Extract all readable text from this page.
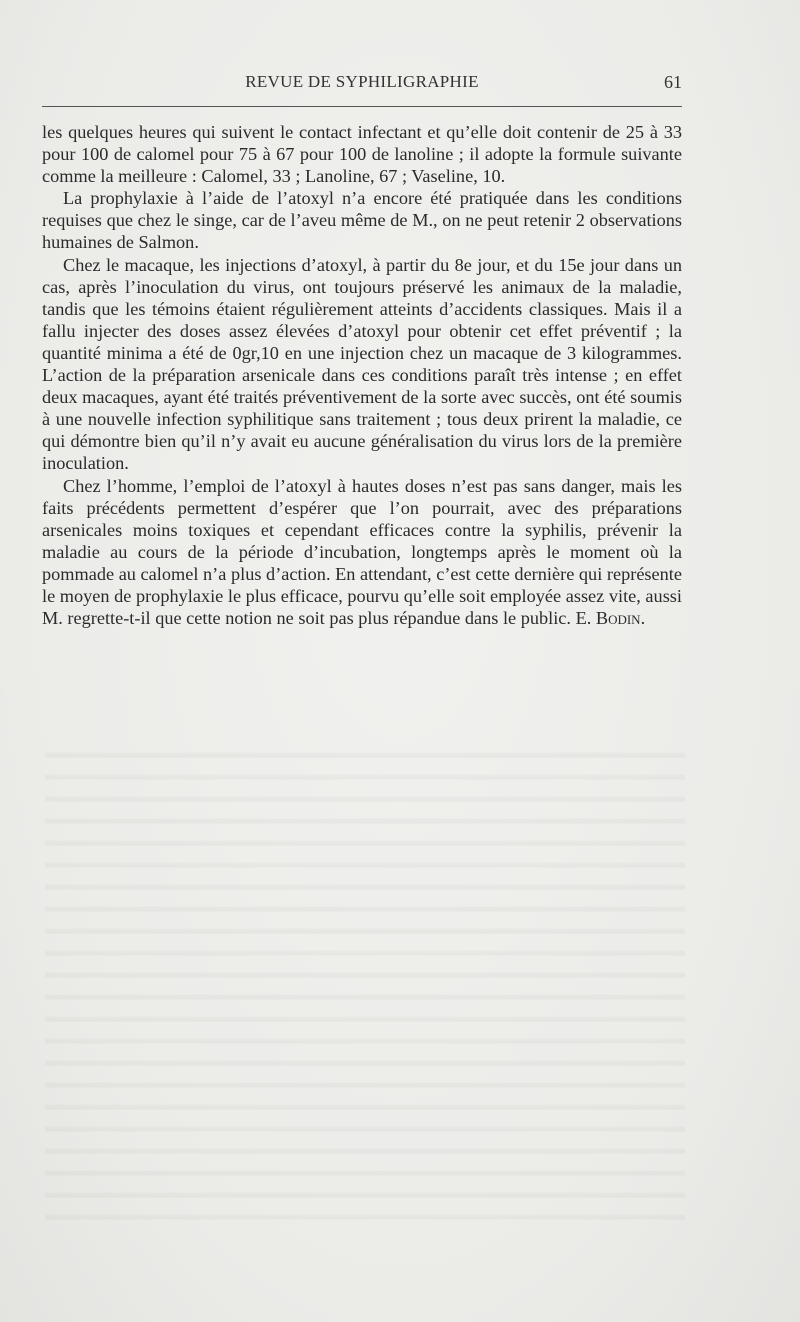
REVUE DE SYPHILIGRAPHIE	61

les quelques heures qui suivent le contact infectant et qu’elle doit contenir de 25 à 33 pour 100 de calomel pour 75 à 67 pour 100 de lanoline ; il adopte la formule suivante comme la meilleure : Calomel, 33 ; Lanoline, 67 ; Vaseline, 10.

La prophylaxie à l’aide de l’atoxyl n’a encore été pratiquée dans les conditions requises que chez le singe, car de l’aveu même de M., on ne peut retenir 2 observations humaines de Salmon.

Chez le macaque, les injections d’atoxyl, à partir du 8e jour, et du 15e jour dans un cas, après l’inoculation du virus, ont toujours préservé les animaux de la maladie, tandis que les témoins étaient régulièrement atteints d’accidents classiques. Mais il a fallu injecter des doses assez élevées d’atoxyl pour obtenir cet effet préventif ; la quantité minima a été de 0gr,10 en une injection chez un macaque de 3 kilogrammes. L’action de la préparation arsenicale dans ces conditions paraît très intense ; en effet deux macaques, ayant été traités préventivement de la sorte avec succès, ont été soumis à une nouvelle infection syphilitique sans traitement ; tous deux prirent la maladie, ce qui démontre bien qu’il n’y avait eu aucune généralisation du virus lors de la première inoculation.

Chez l’homme, l’emploi de l’atoxyl à hautes doses n’est pas sans danger, mais les faits précédents permettent d’espérer que l’on pourrait, avec des préparations arsenicales moins toxiques et cependant efficaces contre la syphilis, prévenir la maladie au cours de la période d’incubation, longtemps après le moment où la pommade au calomel n’a plus d’action. En attendant, c’est cette dernière qui représente le moyen de prophylaxie le plus efficace, pourvu qu’elle soit employée assez vite, aussi M. regrette-t-il que cette notion ne soit pas plus répandue dans le public. E. Bodin.
